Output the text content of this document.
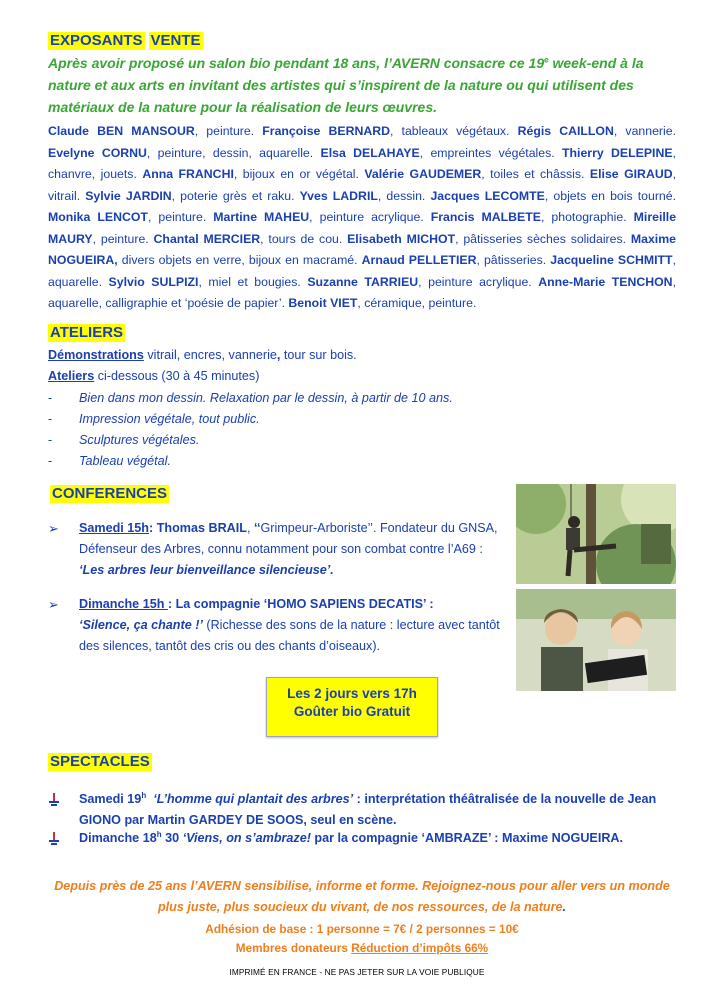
EXPOSANTS VENTE
Après avoir proposé un salon bio pendant 18 ans, l’AVERN consacre ce 19e week-end à la nature et aux arts en invitant des artistes qui s’inspirent de la nature ou qui utilisent des matériaux de la nature pour la réalisation de leurs œuvres.
Claude BEN MANSOUR, peinture. Françoise BERNARD, tableaux végétaux. Régis CAILLON, vannerie. Evelyne CORNU, peinture, dessin, aquarelle. Elsa DELAHAYE, empreintes végétales. Thierry DELEPINE, chanvre, jouets. Anna FRANCHI, bijoux en or végétal. Valérie GAUDEMER, toiles et châssis. Elise GIRAUD, vitrail. Sylvie JARDIN, poterie grès et raku. Yves LADRIL, dessin. Jacques LECOMTE, objets en bois tourné. Monika LENCOT, peinture. Martine MAHEU, peinture acrylique. Francis MALBETE, photographie. Mireille MAURY, peinture. Chantal MERCIER, tours de cou. Elisabeth MICHOT, pâtisseries sèches solidaires. Maxime NOGUEIRA, divers objets en verre, bijoux en macramé. Arnaud PELLETIER, pâtisseries. Jacqueline SCHMITT, aquarelle. Sylvio SULPIZI, miel et bougies. Suzanne TARRIEU, peinture acrylique. Anne-Marie TENCHON, aquarelle, calligraphie et ‘poésie de papier’. Benoit VIET, céramique, peinture.
ATELIERS
Démonstrations vitrail, encres, vannerie, tour sur bois.
Ateliers ci-dessous (30 à 45 minutes)
- Bien dans mon dessin. Relaxation par le dessin, à partir de 10 ans.
- Impression végétale, tout public.
- Sculptures végétales.
- Tableau végétal.
CONFERENCES
➢	Samedi 15h: Thomas BRAIL, ‘‘Grimpeur-Arboriste’’. Fondateur du GNSA, Défenseur des Arbres, connu notamment pour son combat contre l’A69 : ‘Les arbres leur bienveillance silencieuse’.
➢	Dimanche 15h : La compagnie ‘HOMO SAPIENS DECATIS’ :
‘Silence, ça chante !’ (Richesse des sons de la nature : lecture avec tantôt des silences, tantôt des cris ou des chants d’oiseaux).
Les 2 jours vers 17h
Goûter bio Gratuit
SPECTACLES
Samedi 19$^h$ ‘L’homme qui plantait des arbres’ : interprétation théâtralisée de la nouvelle de Jean GIONO par Martin GARDEY DE SOOS, seul en scène.
Dimanche 18$^h$ 30 ‘Viens, on s’ambraze! par la compagnie ‘AMBRAZE’ : Maxime NOGUEIRA.
Depuis près de 25 ans l’AVERN sensibilise, informe et forme. Rejoignez-nous pour aller vers un monde plus juste, plus soucieux du vivant, de nos ressources, de la nature.
Adhésion de base : 1 personne = 7€ / 2 personnes = 10€
Membres donateurs Réduction d’impôts 66%
IMPRIMÉ EN FRANCE - NE PAS JETER SUR LA VOIE PUBLIQUE
